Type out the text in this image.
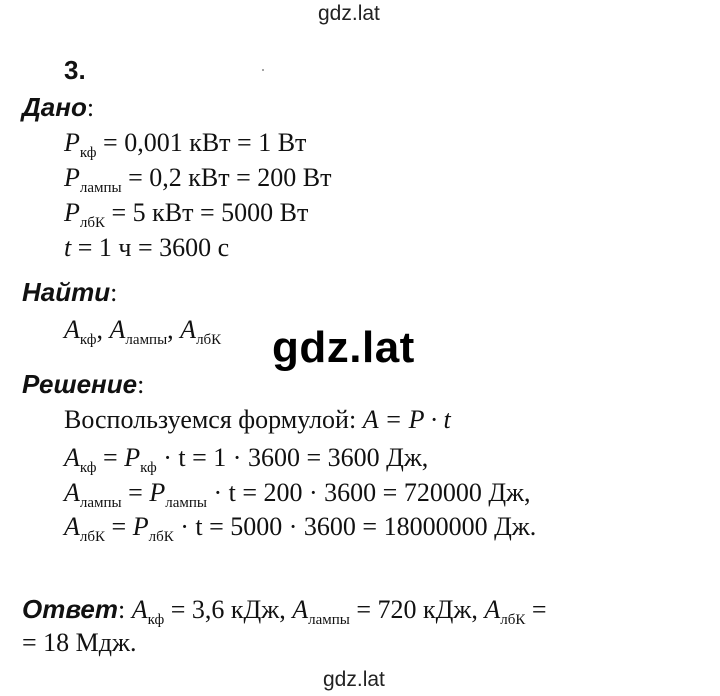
gdz.lat
3.
Дано:
$P_{кф} = 0,001$ кВт = 1 Вт
$P_{лампы} = 0,2$ кВт = 200 Вт
$P_{лбК} = 5$ кВт = 5000 Вт
t = 1 ч = 3600 с
Найти:
$A_{кф}$, $A_{лампы}$, $A_{лбК}$ gdz.lat
Решение:
Воспользуемся формулой: A = P · t
$A_{кф} = P_{кф} \cdot t = 1 \cdot 3600 = 3600$ Дж,
$A_{лампы} = P_{лампы} \cdot t = 200 \cdot 3600 = 720000$ Дж,
$A_{лбК} = P_{лбК} \cdot t = 5000 \cdot 3600 = 18000000$ Дж.
Ответ: $A_{кф} = 3,6$ кДж, $A_{лампы} = 720$ кДж, $A_{лбК}$ =
= 18 Мдж.
gdz.lat
